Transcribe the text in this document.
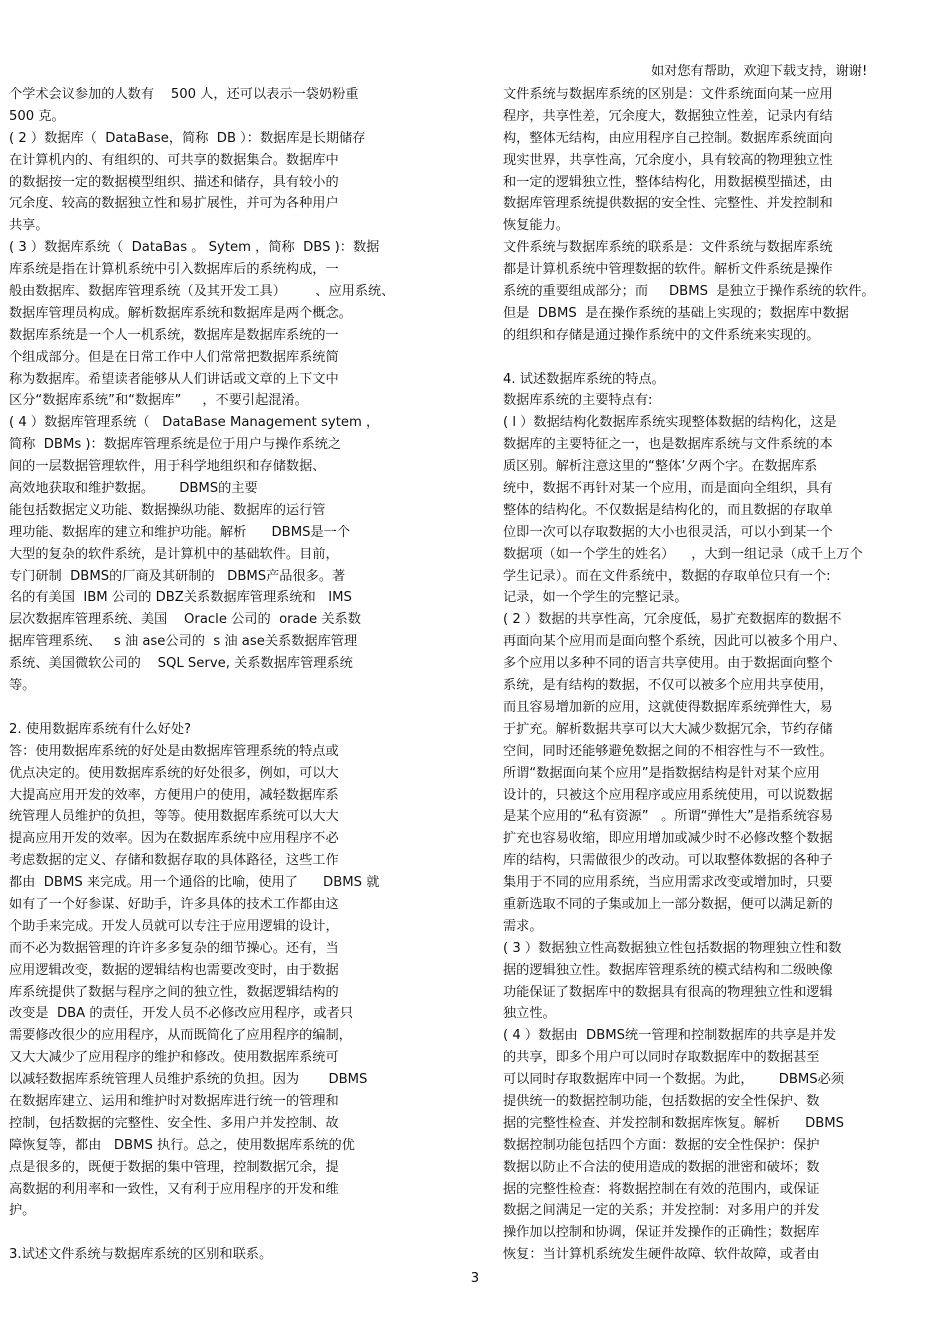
如对您有帮助，欢迎下载支持，谢谢!
个学术会议参加的人数有    500 人，还可以表示一袋奶粉重
500 克。
( 2 ）数据库（  DataBase，简称  DB ）：数据库是长期储存
在计算机内的、有组织的、可共享的数据集合。数据库中
的数据按一定的数据模型组织、描述和储存，具有较小的
冗余度、较高的数据独立性和易扩展性，并可为各种用户
共享。
( 3 ）数据库系统（  DataBas 。 Sytem ，简称  DBS )：数据
库系统是指在计算机系统中引入数据库后的系统构成，一
般由数据库、数据库管理系统（及其开发工具）       、应用系统、
数据库管理员构成。解析数据库系统和数据库是两个概念。
数据库系统是一个人一机系统，数据库是数据库系统的一
个组成部分。但是在日常工作中人们常常把数据库系统简
称为数据库。希望读者能够从人们讲话或文章的上下文中
区分“数据库系统”和“数据库”     ，不要引起混淆。
( 4 ）数据库管理系统（   DataBase Management sytem ，
简称  DBMs )：数据库管理系统是位于用户与操作系统之
间的一层数据管理软件，用于科学地组织和存储数据、
高效地获取和维护数据。      DBMS的主要
能包括数据定义功能、数据操纵功能、数据库的运行管
理功能、数据库的建立和维护功能。解析      DBMS是一个
大型的复杂的软件系统，是计算机中的基础软件。目前，
专门研制  DBMS的厂商及其研制的   DBMS产品很多。著
名的有美国  IBM 公司的 DBZ关系数据库管理系统和   IMS
层次数据库管理系统、美国    Oracle 公司的  orade 关系数
据库管理系统、   s 油 ase公司的  s 油 ase关系数据库管理
系统、美国微软公司的    SQL Serve, 关系数据库管理系统
等。
2. 使用数据库系统有什么好处?
答：使用数据库系统的好处是由数据库管理系统的特点或
优点决定的。使用数据库系统的好处很多，例如，可以大
大提高应用开发的效率，方便用户的使用，减轻数据库系
统管理人员维护的负担，等等。使用数据库系统可以大大
提高应用开发的效率。因为在数据库系统中应用程序不必
考虑数据的定义、存储和数据存取的具体路径，这些工作
都由  DBMS 来完成。用一个通俗的比喻，使用了      DBMS 就
如有了一个好参谋、好助手，许多具体的技术工作都由这
个助手来完成。开发人员就可以专注于应用逻辑的设计，
而不必为数据管理的许许多多复杂的细节操心。还有，当
应用逻辑改变，数据的逻辑结构也需要改变时，由于数据
库系统提供了数据与程序之间的独立性，数据逻辑结构的
改变是  DBA 的责任，开发人员不必修改应用程序，或者只
需要修改很少的应用程序，从而既简化了应用程序的编制，
又大大减少了应用程序的维护和修改。使用数据库系统可
以减轻数据库系统管理人员维护系统的负担。因为       DBMS
在数据库建立、运用和维护时对数据库进行统一的管理和
控制，包括数据的完整性、安全性、多用户并发控制、故
障恢复等，都由   DBMS 执行。总之，使用数据库系统的优
点是很多的，既便于数据的集中管理，控制数据冗余，提
高数据的利用率和一致性，又有利于应用程序的开发和维
护。
3.试述文件系统与数据库系统的区别和联系。
文件系统与数据库系统的区别是：文件系统面向某一应用
程序，共享性差，冗余度大，数据独立性差，记录内有结
构，整体无结构，由应用程序自己控制。数据库系统面向
现实世界，共享性高，冗余度小，具有较高的物理独立性
和一定的逻辑独立性，整体结构化，用数据模型描述，由
数据库管理系统提供数据的安全性、完整性、并发控制和
恢复能力。
文件系统与数据库系统的联系是：文件系统与数据库系统
都是计算机系统中管理数据的软件。解析文件系统是操作
系统的重要组成部分；而     DBMS  是独立于操作系统的软件。
但是  DBMS  是在操作系统的基础上实现的；数据库中数据
的组织和存储是通过操作系统中的文件系统来实现的。
4. 试述数据库系统的特点。
数据库系统的主要特点有:
( l ）数据结构化数据库系统实现整体数据的结构化，这是
数据库的主要特征之一，也是数据库系统与文件系统的本
质区别。解析注意这里的“整体’夕两个字。在数据库系
统中，数据不再针对某一个应用，而是面向全组织，具有
整体的结构化。不仅数据是结构化的，而且数据的存取单
位即一次可以存取数据的大小也很灵活，可以小到某一个
数据项（如一个学生的姓名）    ，大到一组记录（成千上万个
学生记录）。而在文件系统中，数据的存取单位只有一个:
记录，如一个学生的完整记录。
( 2 ）数据的共享性高，冗余度低，易扩充数据库的数据不
再面向某个应用而是面向整个系统，因此可以被多个用户、
多个应用以多种不同的语言共享使用。由于数据面向整个
系统，是有结构的数据，不仅可以被多个应用共享使用，
而且容易增加新的应用，这就使得数据库系统弹性大，易
于扩充。解析数据共享可以大大减少数据冗余，节约存储
空间，同时还能够避免数据之间的不相容性与不一致性。
所谓“数据面向某个应用”是指数据结构是针对某个应用
设计的，只被这个应用程序或应用系统使用，可以说数据
是某个应用的“私有资源”   。所谓“弹性大”是指系统容易
扩充也容易收缩，即应用增加或减少时不必修改整个数据
库的结构，只需做很少的改动。可以取整体数据的各种子
集用于不同的应用系统，当应用需求改变或增加时，只要
重新选取不同的子集或加上一部分数据，便可以满足新的
需求。
( 3 ）数据独立性高数据独立性包括数据的物理独立性和数
据的逻辑独立性。数据库管理系统的模式结构和二级映像
功能保证了数据库中的数据具有很高的物理独立性和逻辑
独立性。
( 4 ）数据由  DBMS统一管理和控制数据库的共享是并发
的共享，即多个用户可以同时存取数据库中的数据甚至
可以同时存取数据库中同一个数据。为此，      DBMS必须
提供统一的数据控制功能，包括数据的安全性保护、数
据的完整性检查、并发控制和数据库恢复。解析      DBMS
数据控制功能包括四个方面：数据的安全性保护：保护
数据以防止不合法的使用造成的数据的泄密和破坏；数
据的完整性检查：将数据控制在有效的范围内，或保证
数据之间满足一定的关系；并发控制：对多用户的并发
操作加以控制和协调，保证并发操作的正确性；数据库
恢复：当计算机系统发生硬件故障、软件故障，或者由
3
